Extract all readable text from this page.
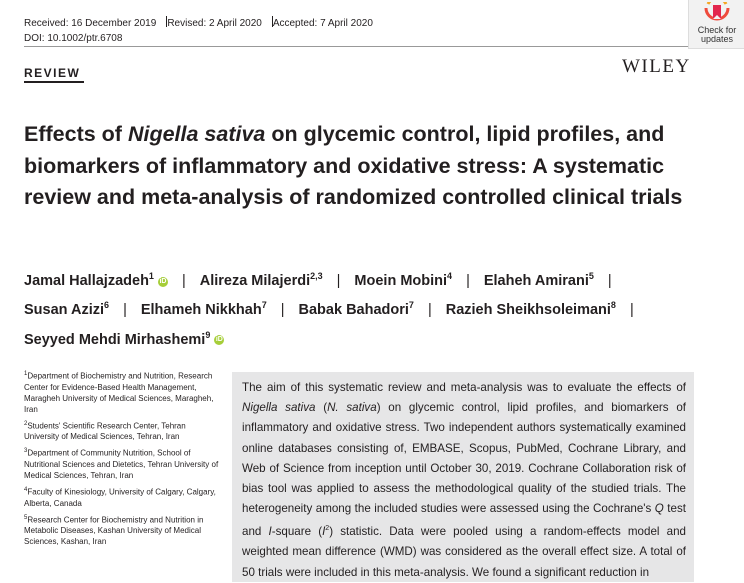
Received: 16 December 2019 Revised: 2 April 2020 Accepted: 7 April 2020
DOI: 10.1002/ptr.6708
Check for
updates
REVIEW	WILEY
Effects of Nigella sativa on glycemic control, lipid profiles, and biomarkers of inflammatory and oxidative stress: A systematic review and meta-analysis of randomized controlled clinical trials
Jamal Hallajzadeh$^1$iD | Alireza Milajerdi$^{2,3}$ | Moein Mobini$^4$ | Elaheh Amirani$^5$ |
Susan Azizi$^6$ | Elhameh Nikkhah$^7$ | Babak Bahadori$^7$ | Razieh Sheikhsoleimani$^8$ |
Seyyed Mehdi Mirhashemi$^9$iD

$^1$Department of Biochemistry and Nutrition, Research Center for Evidence-Based Health Management, Maragheh University of Medical Sciences, Maragheh, Iran

$^2$Students' Scientific Research Center, Tehran University of Medical Sciences, Tehran, Iran

$^3$Department of Community Nutrition, School of Nutritional Sciences and Dietetics, Tehran University of Medical Sciences, Tehran, Iran

$^4$Faculty of Kinesiology, University of Calgary, Calgary, Alberta, Canada

$^5$Research Center for Biochemistry and Nutrition in Metabolic Diseases, Kashan University of Medical Sciences, Kashan, Iran

The aim of this systematic review and meta-analysis was to evaluate the effects of Nigella sativa (N. sativa) on glycemic control, lipid profiles, and biomarkers of inflammatory and oxidative stress. Two independent authors systematically examined online databases consisting of, EMBASE, Scopus, PubMed, Cochrane Library, and Web of Science from inception until October 30, 2019. Cochrane Collaboration risk of bias tool was applied to assess the methodological quality of the studied trials. The heterogeneity among the included studies were assessed using the Cochrane's Q test and I-square $(I^2)$ statistic. Data were pooled using a random-effects model and weighted mean difference (WMD) was considered as the overall effect size. A total of 50 trials were included in this meta-analysis. We found a significant reduction in
